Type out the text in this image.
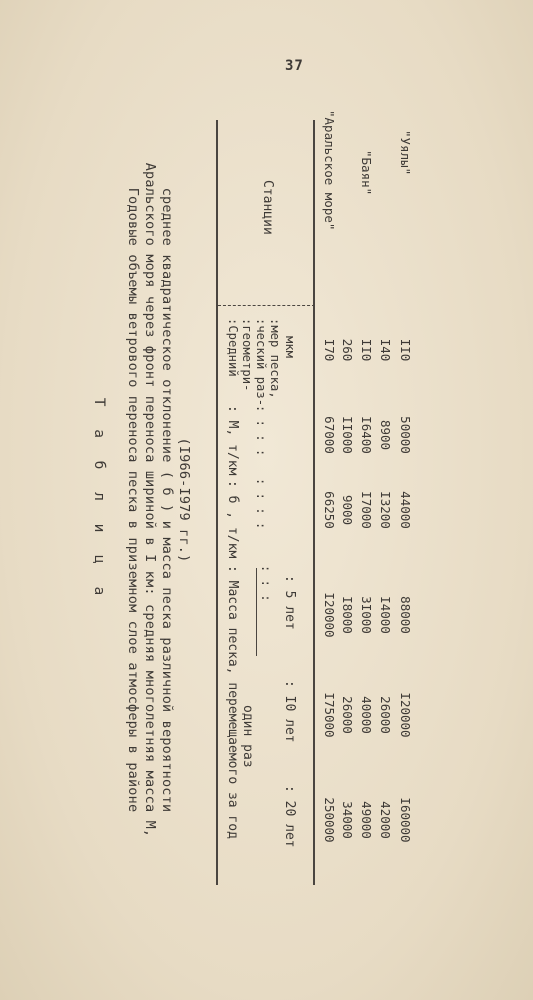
37
Т а б л и ц а Годовые объемы ветрового переноса песка в приземном слое атмосферы в районе Аральского моря через фронт переноса шириной в I км: средняя многолетняя масса М, среднее квадратическое отклонение ( б ) и масса песка различной вероятности (I966-I979 гг.)
Станции
:Средний :геометри- :ческий раз- :мер песка, мкм
: М, т/км : : : :
: б , т/км : : : :
: Масса песка, перемещаемого за год один раз
: : : : 5 лет
: I0 лет
: 20 лет
"Аральское море"
I70
67000
66250
I20000
I75000
250000
260
II000
9000
I8000
26000
34000
"Баян"
II0
I6400
I7000
3I000
40000
49000
I40
8900
I3200
I4000
26000
42000
"Уялы"
II0
50000
44000
88000
I20000
I60000
